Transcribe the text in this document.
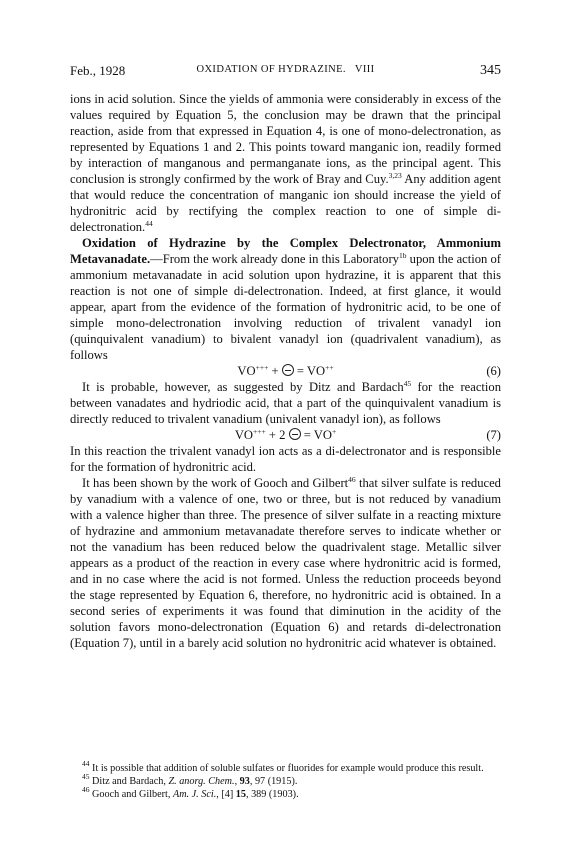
Feb., 1928	OXIDATION OF HYDRAZINE.   VIII	345

ions in acid solution. Since the yields of ammonia were considerably in excess of the values required by Equation 5, the conclusion may be drawn that the principal reaction, aside from that expressed in Equation 4, is one of mono-delectronation, as represented by Equations 1 and 2. This points toward manganic ion, readily formed by interaction of manganous and permanganate ions, as the principal agent. This conclusion is strongly confirmed by the work of Bray and Cuy.$^{3,23}$ Any addition agent that would reduce the concentration of manganic ion should increase the yield of hydronitric acid by rectifying the complex reaction to one of simple di-delectronation.$^{44}$

Oxidation of Hydrazine by the Complex Delectronator, Ammonium Metavanadate.—From the work already done in this Laboratory$^{1b}$ upon the action of ammonium metavanadate in acid solution upon hydrazine, it is apparent that this reaction is not one of simple di-delectronation. Indeed, at first glance, it would appear, apart from the evidence of the formation of hydronitric acid, to be one of simple mono-delectronation involving reduction of trivalent vanadyl ion (quinquivalent vanadium) to bivalent vanadyl ion (quadrivalent vanadium), as follows

VO+++ +  = VO++	(6)

It is probable, however, as suggested by Ditz and Bardach$^{45}$ for the reaction between vanadates and hydriodic acid, that a part of the quinquivalent vanadium is directly reduced to trivalent vanadium (univalent vanadyl ion), as follows

VO+++ + 2  = VO+	(7)

In this reaction the trivalent vanadyl ion acts as a di-delectronator and is responsible for the formation of hydronitric acid.

It has been shown by the work of Gooch and Gilbert$^{46}$ that silver sulfate is reduced by vanadium with a valence of one, two or three, but is not reduced by vanadium with a valence higher than three. The presence of silver sulfate in a reacting mixture of hydrazine and ammonium metavanadate therefore serves to indicate whether or not the vanadium has been reduced below the quadrivalent stage. Metallic silver appears as a product of the reaction in every case where hydronitric acid is formed, and in no case where the acid is not formed. Unless the reduction proceeds beyond the stage represented by Equation 6, therefore, no hydronitric acid is obtained. In a second series of experiments it was found that diminution in the acidity of the solution favors mono-delectronation (Equation 6) and retards di-delectronation (Equation 7), until in a barely acid solution no hydronitric acid whatever is obtained.

$^{44}$ It is possible that addition of soluble sulfates or fluorides for example would produce this result.

$^{45}$ Ditz and Bardach, Z. anorg. Chem., 93, 97 (1915).

$^{46}$ Gooch and Gilbert, Am. J. Sci., [4] 15, 389 (1903).
